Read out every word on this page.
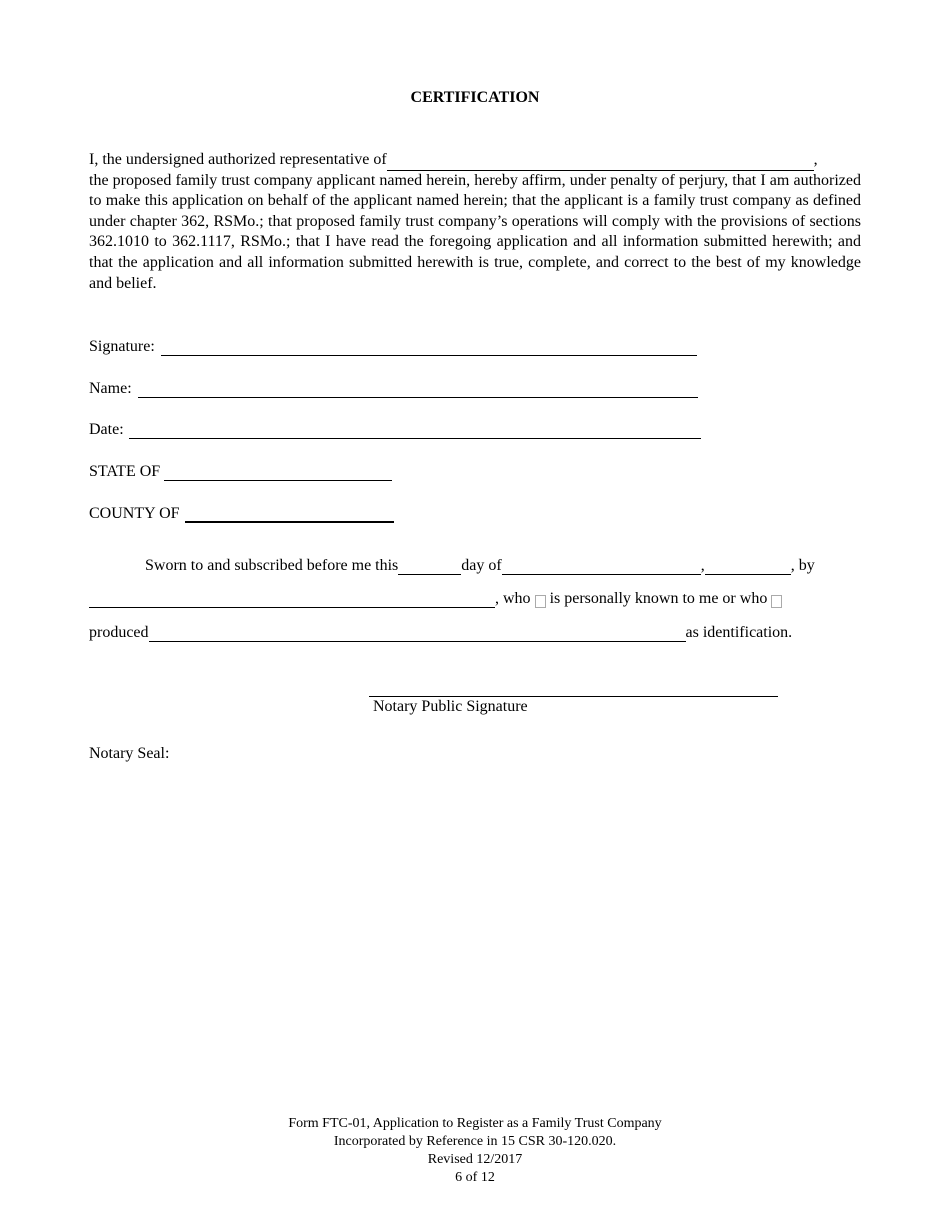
CERTIFICATION
I, the undersigned authorized representative of	,
the proposed family trust company applicant named herein, hereby affirm, under penalty of perjury, that I am authorized to make this application on behalf of the applicant named herein; that the applicant is a family trust company as defined under chapter 362, RSMo.; that proposed family trust company’s operations will comply with the provisions of sections 362.1010 to 362.1117, RSMo.; that I have read the foregoing application and all information submitted herewith; and that the application and all information submitted herewith is true, complete, and correct to the best of my knowledge and belief.
Signature:
Name:
Date:
STATE OF
COUNTY OF
Sworn to and subscribed before me this	day of	,	, by
, who is personally known to me or who
produced	as identification.
Notary Public Signature
Notary Seal:
Form FTC-01, Application to Register as a Family Trust Company
Incorporated by Reference in 15 CSR 30-120.020.
Revised 12/2017
6 of 12
